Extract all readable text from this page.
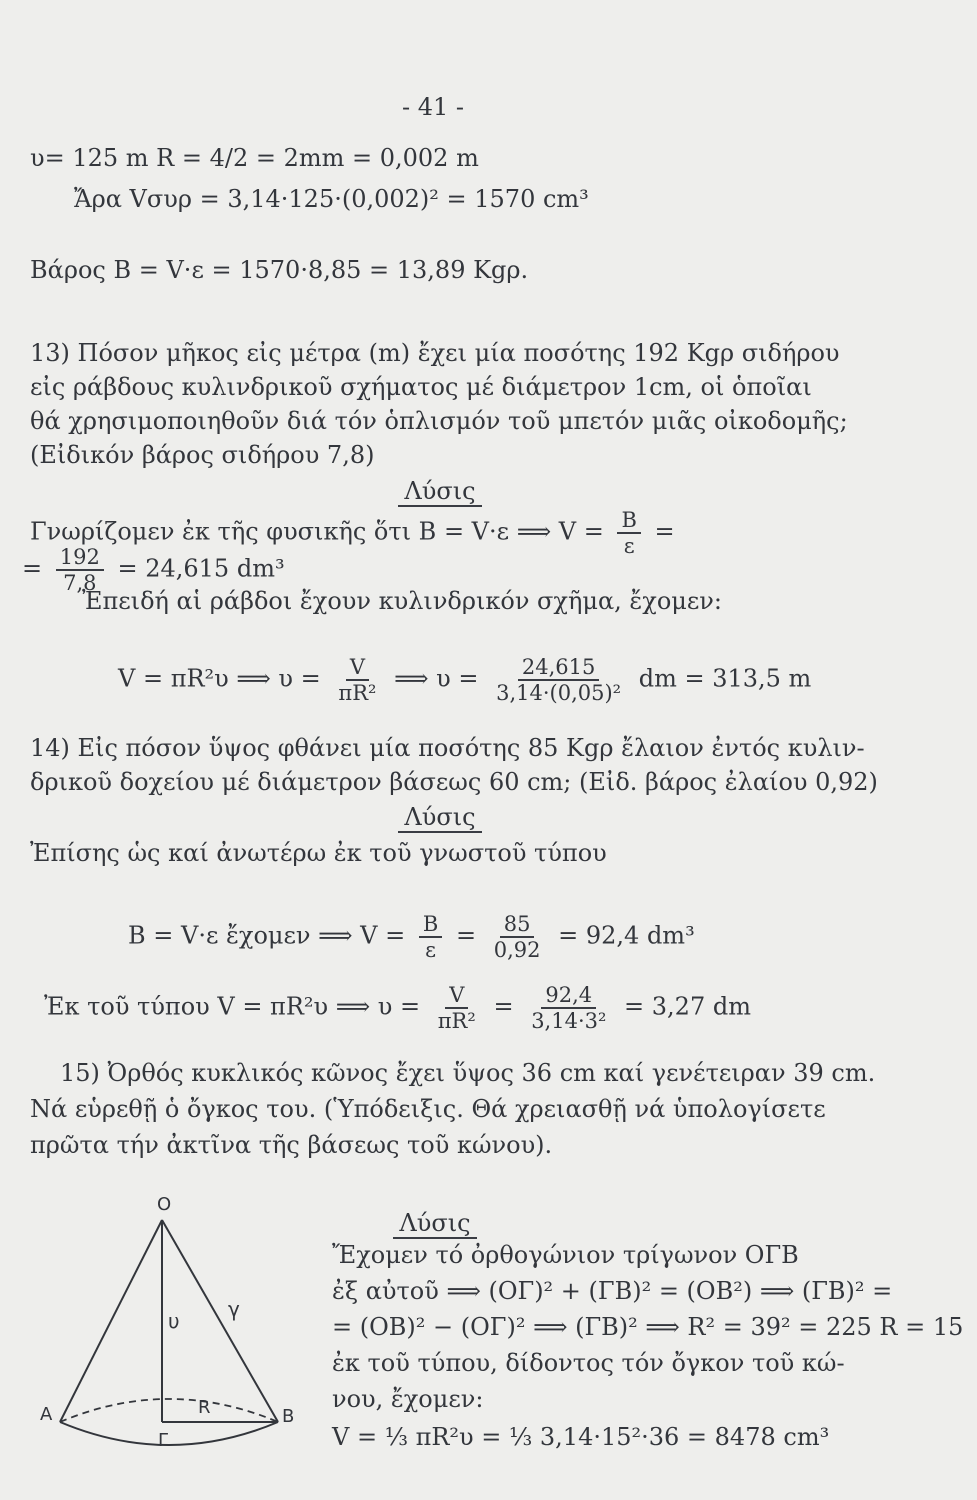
- 41 -
υ= 125 m R = 4/2 = 2mm = 0,002 m
Ἄρα Vσυρ = 3,14·125·(0,002)² = 1570 cm³
Βάρος B = V·ε = 1570·8,85 = 13,89 Kgρ.
13) Πόσον μῆκος εἰς μέτρα (m) ἔχει μία ποσότης 192 Kgρ σιδήρου
εἰς ράβδους κυλινδρικοῦ σχήματος μέ διάμετρον 1cm, οἱ ὁποῖαι
θά χρησιμοποιηθοῦν διά τόν ὁπλισμόν τοῦ μπετόν μιᾶς οἰκοδομῆς;
(Εἰδικόν βάρος σιδήρου 7,8)
Λύσις
Γνωρίζομεν ἐκ τῆς φυσικῆς ὅτι B = V·ε ⟹ $V = \frac{B}{\varepsilon}$ =
= $\frac{192}{7,8} = 24,615$ dm³
Ἐπειδή αἱ ράβδοι ἔχουν κυλινδρικόν σχῆμα, ἔχομεν:
V = πR²υ ⟹ $\upsilon = \frac{V}{\text{πR²}}$ ⟹ $\upsilon = \frac{24,615}{\text{3,14·(0,05)²}}$ dm = 313,5 m
14) Εἰς πόσον ὕψος φθάνει μία ποσότης 85 Kgρ ἔλαιον ἐντός κυλιν-
δρικοῦ δοχείου μέ διάμετρον βάσεως 60 cm; (Εἰδ. βάρος ἐλαίου 0,92)
Λύσις
Ἐπίσης ὡς καί ἀνωτέρω ἐκ τοῦ γνωστοῦ τύπου
B = V·ε ἔχομεν ⟹ $V = \frac{B}{\varepsilon} = \frac{85}{0,92} = 92,4$ dm³
Ἐκ τοῦ τύπου V = πR²υ ⟹ $\upsilon = \frac{V}{\text{πR²}} = \frac{92,4}{\text{3,14·3²}} = 3,27$ dm
15) Ὀρθός κυκλικός κῶνος ἔχει ὕψος 36 cm καί γενέτειραν 39 cm.
Νά εὑρεθῇ ὁ ὄγκος του. (Ὑπόδειξις. Θά χρειασθῇ νά ὑπολογίσετε
πρῶτα τήν ἀκτῖνα τῆς βάσεως τοῦ κώνου).
Λύσις
Ἔχομεν τό ὀρθογώνιον τρίγωνον ΟΓΒ
ἐξ αὐτοῦ ⟹ (ΟΓ)² + (ΓΒ)² = (ΟΒ²) ⟹ (ΓΒ)² =
= (ΟΒ)² − (ΟΓ)² ⟹ (ΓΒ)² ⟹ R² = 39² = 225 R = 15
ἐκ τοῦ τύπου, δίδοντος τόν ὄγκον τοῦ κώ-
νου, ἔχομεν:
V = ⅓ πR²υ = ⅓ 3,14·15²·36 = 8478 cm³
O
A	B
Γ
R
υ γ
